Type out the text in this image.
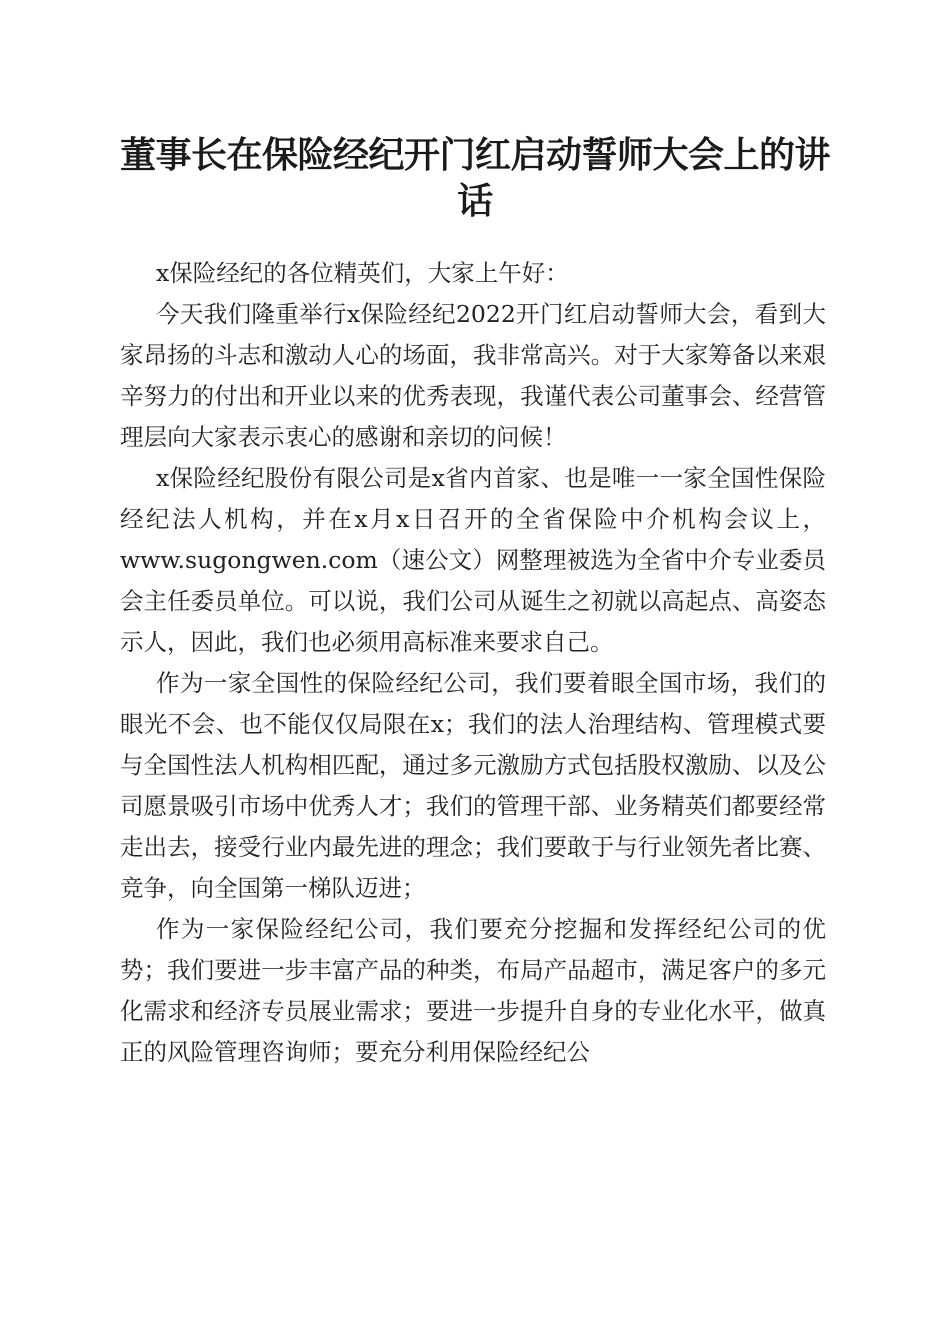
董事长在保险经纪开门红启动誓师大会上的讲话

x保险经纪的各位精英们，大家上午好：

今天我们隆重举行x保险经纪2022开门红启动誓师大会，看到大家昂扬的斗志和激动人心的场面，我非常高兴。对于大家筹备以来艰辛努力的付出和开业以来的优秀表现，我谨代表公司董事会、经营管理层向大家表示衷心的感谢和亲切的问候！

x保险经纪股份有限公司是x省内首家、也是唯一一家全国性保险经纪法人机构，并在x月x日召开的全省保险中介机构会议上，www.sugongwen.com（速公文）网整理被选为全省中介专业委员会主任委员单位。可以说，我们公司从诞生之初就以高起点、高姿态示人，因此，我们也必须用高标准来要求自己。

作为一家全国性的保险经纪公司，我们要着眼全国市场，我们的眼光不会、也不能仅仅局限在x；我们的法人治理结构、管理模式要与全国性法人机构相匹配，通过多元激励方式包括股权激励、以及公司愿景吸引市场中优秀人才；我们的管理干部、业务精英们都要经常走出去，接受行业内最先进的理念；我们要敢于与行业领先者比赛、竞争，向全国第一梯队迈进；

作为一家保险经纪公司，我们要充分挖掘和发挥经纪公司的优势；我们要进一步丰富产品的种类，布局产品超市，满足客户的多元化需求和经济专员展业需求；要进一步提升自身的专业化水平，做真正的风险管理咨询师；要充分利用保险经纪公
